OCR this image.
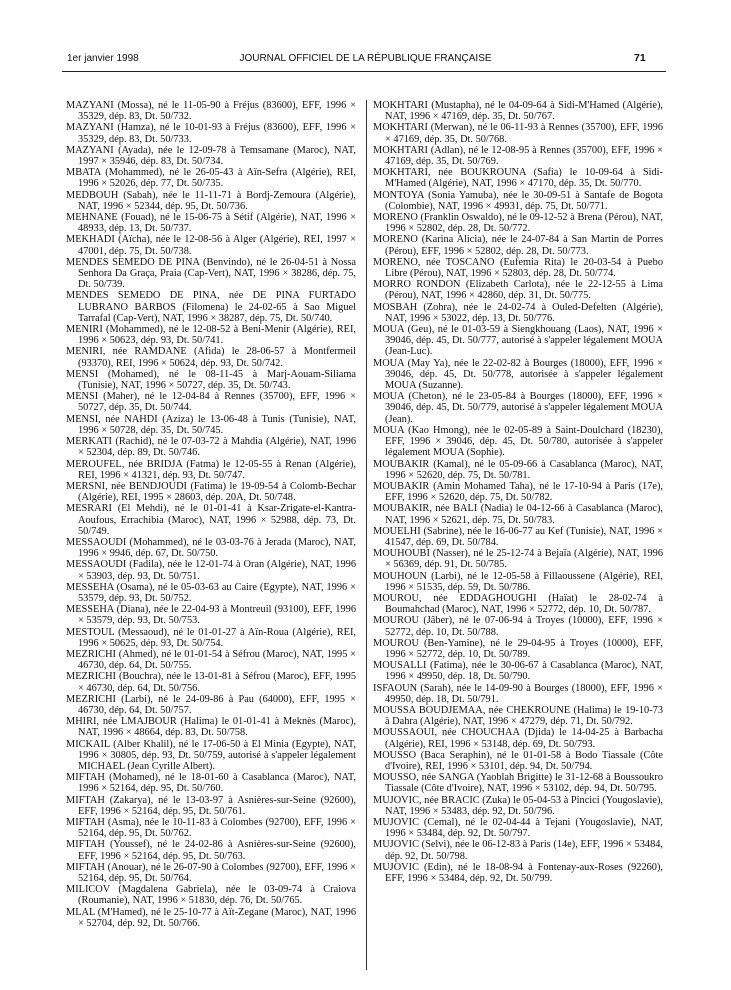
1er janvier 1998	JOURNAL OFFICIEL DE LA RÉPUBLIQUE FRANÇAISE	71

MAZYANI (Mossa), né le 11-05-90 à Fréjus (83600), EFF, 1996 × 35329, dép. 83, Dt. 50/732.

MAZYANI (Hamza), né le 10-01-93 à Fréjus (83600), EFF, 1996 × 35329, dép. 83, Dt. 50/733.

MAZYANI (Ayada), née le 12-09-78 à Temsamane (Maroc), NAT, 1997 × 35946, dép. 83, Dt. 50/734.

MBATA (Mohammed), né le 26-05-43 à Aïn-Sefra (Algérie), REI, 1996 × 52026, dép. 77, Dt. 50/735.

MEDBOUH (Sabah), née le 11-11-71 à Bordj-Zemoura (Algérie), NAT, 1996 × 52344, dép. 95, Dt. 50/736.

MEHNANE (Fouad), né le 15-06-75 à Sétif (Algérie), NAT, 1996 × 48933, dép. 13, Dt. 50/737.

MEKHADI (Aïcha), née le 12-08-56 à Alger (Algérie), REI, 1997 × 47001, dép. 75, Dt. 50/738.

MENDES SEMEDO DE PINA (Benvindo), né le 26-04-51 à Nossa Senhora Da Graça, Praia (Cap-Vert), NAT, 1996 × 38286, dép. 75, Dt. 50/739.

MENDES SEMEDO DE PINA, née DE PINA FURTADO LUBRANO BARBOS (Filomena) le 24-02-65 à Sao Miguel Tarrafal (Cap-Vert), NAT, 1996 × 38287, dép. 75, Dt. 50/740.

MENIRI (Mohammed), né le 12-08-52 à Beni-Menir (Algérie), REI, 1996 × 50623, dép. 93, Dt. 50/741.

MENIRI, née RAMDANE (Afida) le 28-06-57 à Montfermeil (93370), REI, 1996 × 50624, dép. 93, Dt. 50/742.

MENSI (Mohamed), né le 08-11-45 à Marj-Aouam-Siliama (Tunisie), NAT, 1996 × 50727, dép. 35, Dt. 50/743.

MENSI (Maher), né le 12-04-84 à Rennes (35700), EFF, 1996 × 50727, dép. 35, Dt. 50/744.

MENSI, née NAHDI (Aziza) le 13-06-48 à Tunis (Tunisie), NAT, 1996 × 50728, dép. 35, Dt. 50/745.

MERKATI (Rachid), né le 07-03-72 à Mahdia (Algérie), NAT, 1996 × 52304, dép. 89, Dt. 50/746.

MEROUFEL, née BRIDJA (Fatma) le 12-05-55 à Renan (Algérie), REI, 1996 × 41321, dép. 93, Dt. 50/747.

MERSNI, née BENDJOUDI (Fatima) le 19-09-54 à Colomb-Bechar (Algérie), REI, 1995 × 28603, dép. 20A, Dt. 50/748.

MESRARI (El Mehdi), né le 01-01-41 à Ksar-Zrigate-el-Kantra-Aoufous, Errachibia (Maroc), NAT, 1996 × 52988, dép. 73, Dt. 50/749.

MESSAOUDI (Mohammed), né le 03-03-76 à Jerada (Maroc), NAT, 1996 × 9946, dép. 67, Dt. 50/750.

MESSAOUDI (Fadila), née le 12-01-74 à Oran (Algérie), NAT, 1996 × 53903, dép. 93, Dt. 50/751.

MESSEHA (Osama), né le 05-03-63 au Caire (Egypte), NAT, 1996 × 53579, dép. 93, Dt. 50/752.

MESSEHA (Diana), née le 22-04-93 à Montreuil (93100), EFF, 1996 × 53579, dép. 93, Dt. 50/753.

MESTOUL (Messaoud), né le 01-01-27 à Aïn-Roua (Algérie), REI, 1996 × 50625, dép. 93, Dt. 50/754.

MEZRICHI (Ahmed), né le 01-01-54 à Séfrou (Maroc), NAT, 1995 × 46730, dép. 64, Dt. 50/755.

MEZRICHI (Bouchra), née le 13-01-81 à Séfrou (Maroc), EFF, 1995 × 46730, dép. 64, Dt. 50/756.

MEZRICHI (Larbi), né le 24-09-86 à Pau (64000), EFF, 1995 × 46730, dép. 64, Dt. 50/757.

MHIRI, née LMAJBOUR (Halima) le 01-01-41 à Meknès (Maroc), NAT, 1996 × 48664, dép. 83, Dt. 50/758.

MICKAIL (Alber Khalil), né le 17-06-50 à El Minia (Egypte), NAT, 1996 × 30805, dép. 93, Dt. 50/759, autorisé à s'appeler légalement MICHAEL (Jean Cyrille Albert).

MIFTAH (Mohamed), né le 18-01-60 à Casablanca (Maroc), NAT, 1996 × 52164, dép. 95, Dt. 50/760.

MIFTAH (Zakarya), né le 13-03-97 à Asnières-sur-Seine (92600), EFF, 1996 × 52164, dép. 95, Dt. 50/761.

MIFTAH (Asma), née le 10-11-83 à Colombes (92700), EFF, 1996 × 52164, dép. 95, Dt. 50/762.

MIFTAH (Youssef), né le 24-02-86 à Asnières-sur-Seine (92600), EFF, 1996 × 52164, dép. 95, Dt. 50/763.

MIFTAH (Anouar), né le 26-07-90 à Colombes (92700), EFF, 1996 × 52164, dép. 95, Dt. 50/764.

MILICOV (Magdalena Gabriela), née le 03-09-74 à Craiova (Roumanie), NAT, 1996 × 51830, dép. 76, Dt. 50/765.

MLAL (M'Hamed), né le 25-10-77 à Aït-Zegane (Maroc), NAT, 1996 × 52704, dép. 92, Dt. 50/766.

MOKHTARI (Mustapha), né le 04-09-64 à Sidi-M'Hamed (Algérie), NAT, 1996 × 47169, dép. 35, Dt. 50/767.

MOKHTARI (Merwan), né le 06-11-93 à Rennes (35700), EFF, 1996 × 47169, dép. 35, Dt. 50/768.

MOKHTARI (Adlan), né le 12-08-95 à Rennes (35700), EFF, 1996 × 47169, dép. 35, Dt. 50/769.

MOKHTARI, née BOUKROUNA (Safia) le 10-09-64 à Sidi-M'Hamed (Algérie), NAT, 1996 × 47170, dép. 35, Dt. 50/770.

MONTOYA (Sonia Yamuba), née le 30-09-51 à Santafe de Bogota (Colombie), NAT, 1996 × 49931, dép. 75, Dt. 50/771.

MORENO (Franklin Oswaldo), né le 09-12-52 à Brena (Pérou), NAT, 1996 × 52802, dép. 28, Dt. 50/772.

MORENO (Karina Alicia), née le 24-07-84 à San Martin de Porres (Pérou), EFF, 1996 × 52802, dép. 28, Dt. 50/773.

MORENO, née TOSCANO (Eufemia Rita) le 20-03-54 à Puebo Libre (Pérou), NAT, 1996 × 52803, dép. 28, Dt. 50/774.

MORRO RONDON (Elizabeth Carlota), née le 22-12-55 à Lima (Pérou), NAT, 1996 × 42860, dép. 31, Dt. 50/775.

MOSBAH (Zohra), née le 24-02-74 à Ouled-Defelten (Algérie), NAT, 1996 × 53022, dép. 13, Dt. 50/776.

MOUA (Geu), né le 01-03-59 à Siengkhouang (Laos), NAT, 1996 × 39046, dép. 45, Dt. 50/777, autorisé à s'appeler légalement MOUA (Jean-Luc).

MOUA (May Ya), née le 22-02-82 à Bourges (18000), EFF, 1996 × 39046, dép. 45, Dt. 50/778, autorisée à s'appeler légalement MOUA (Suzanne).

MOUA (Cheton), né le 23-05-84 à Bourges (18000), EFF, 1996 × 39046, dép. 45, Dt. 50/779, autorisé à s'appeler légalement MOUA (Jean).

MOUA (Kao Hmong), née le 02-05-89 à Saint-Doulchard (18230), EFF, 1996 × 39046, dép. 45, Dt. 50/780, autorisée à s'appeler légalement MOUA (Sophie).

MOUBAKIR (Kamal), né le 05-09-66 à Casablanca (Maroc), NAT, 1996 × 52620, dép. 75, Dt. 50/781.

MOUBAKIR (Amin Mohamed Taha), né le 17-10-94 à Paris (17e), EFF, 1996 × 52620, dép. 75, Dt. 50/782.

MOUBAKIR, née BALI (Nadia) le 04-12-66 à Casablanca (Maroc), NAT, 1996 × 52621, dép. 75, Dt. 50/783.

MOUELHI (Sabrine), née le 16-06-77 au Kef (Tunisie), NAT, 1996 × 41547, dép. 69, Dt. 50/784.

MOUHOUBI (Nasser), né le 25-12-74 à Bejaïa (Algérie), NAT, 1996 × 56369, dép. 91, Dt. 50/785.

MOUHOUN (Larbi), né le 12-05-58 à Fillaoussene (Algérie), REI, 1996 × 51535, dép. 59, Dt. 50/786.

MOUROU, née EDDAGHOUGHI (Haïat) le 28-02-74 à Boumahchad (Maroc), NAT, 1996 × 52772, dép. 10, Dt. 50/787.

MOUROU (Jâber), né le 07-06-94 à Troyes (10000), EFF, 1996 × 52772, dép. 10, Dt. 50/788.

MOUROU (Ben-Yamine), né le 29-04-95 à Troyes (10000), EFF, 1996 × 52772, dép. 10, Dt. 50/789.

MOUSALLI (Fatima), née le 30-06-67 à Casablanca (Maroc), NAT, 1996 × 49950, dép. 18, Dt. 50/790.

ISFAOUN (Sarah), née le 14-09-90 à Bourges (18000), EFF, 1996 × 49950, dép. 18, Dt. 50/791.

MOUSSA BOUDJEMAA, née CHEKROUNE (Halima) le 19-10-73 à Dahra (Algérie), NAT, 1996 × 47279, dép. 71, Dt. 50/792.

MOUSSAOUI, née CHOUCHAA (Djida) le 14-04-25 à Barbacha (Algérie), REI, 1996 × 53148, dép. 69, Dt. 50/793.

MOUSSO (Baca Seraphin), né le 01-01-58 à Bodo Tiassale (Côte d'Ivoire), REI, 1996 × 53101, dép. 94, Dt. 50/794.

MOUSSO, née SANGA (Yaoblah Brigitte) le 31-12-68 à Boussoukro Tiassale (Côte d'Ivoire), NAT, 1996 × 53102, dép. 94, Dt. 50/795.

MUJOVIC, née BRACIC (Zuka) le 05-04-53 à Pincici (Yougoslavie), NAT, 1996 × 53483, dép. 92, Dt. 50/796.

MUJOVIC (Cemal), né le 02-04-44 à Tejani (Yougoslavie), NAT, 1996 × 53484, dép. 92, Dt. 50/797.

MUJOVIC (Selvi), née le 06-12-83 à Paris (14e), EFF, 1996 × 53484, dép. 92, Dt. 50/798.

MUJOVIC (Edin), né le 18-08-94 à Fontenay-aux-Roses (92260), EFF, 1996 × 53484, dép. 92, Dt. 50/799.
